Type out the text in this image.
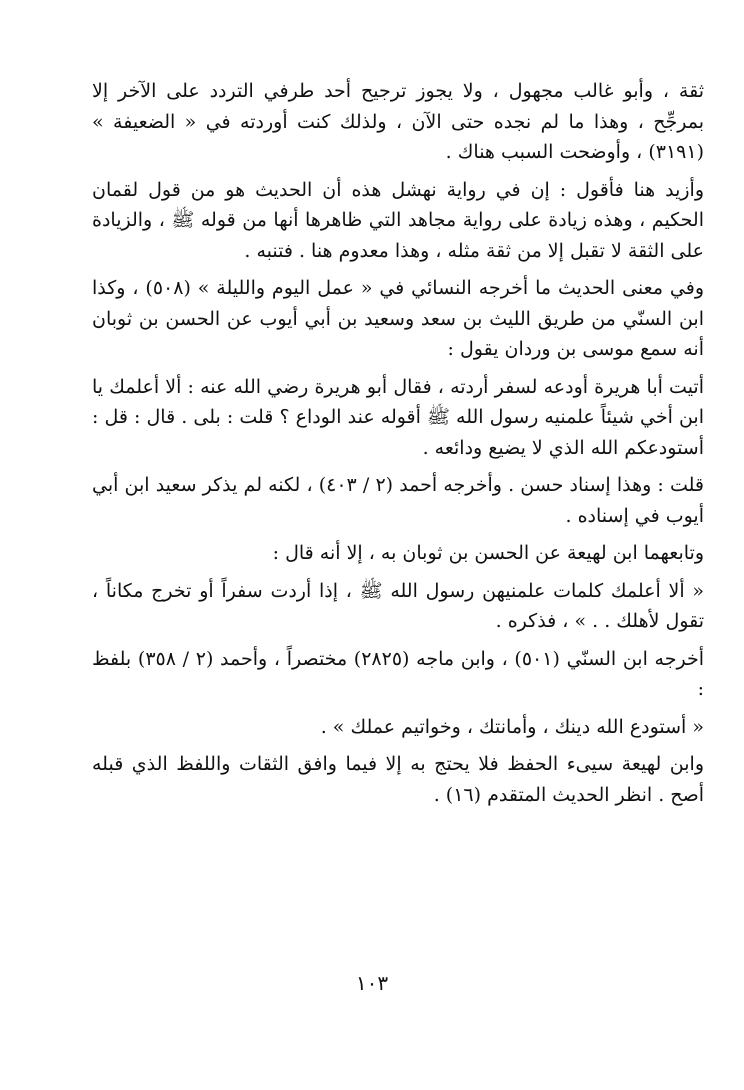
ثقة ، وأبو غالب مجهول ، ولا يجوز ترجيح أحد طرفي التردد على الآخر إلا بمرجِّح ، وهذا ما لم نجده حتى الآن ، ولذلك كنت أوردته في « الضعيفة » (٣١٩١) ، وأوضحت السبب هناك .

وأزيد هنا فأقول : إن في رواية نهشل هذه أن الحديث هو من قول لقمان الحكيم ، وهذه زيادة على رواية مجاهد التي ظاهرها أنها من قوله ﷺ ، والزيادة على الثقة لا تقبل إلا من ثقة مثله ، وهذا معدوم هنا . فتنبه .

وفي معنى الحديث ما أخرجه النسائي في « عمل اليوم والليلة » (٥٠٨) ، وكذا ابن السنّي من طريق الليث بن سعد وسعيد بن أبي أيوب عن الحسن بن ثوبان أنه سمع موسى بن وردان يقول :

أتيت أبا هريرة أودعه لسفر أردته ، فقال أبو هريرة رضي الله عنه : ألا أعلمك يا ابن أخي شيئاً علمنيه رسول الله ﷺ أقوله عند الوداع ؟ قلت : بلى . قال : قل : أستودعكم الله الذي لا يضيع ودائعه .

قلت : وهذا إسناد حسن . وأخرجه أحمد (٢ / ٤٠٣) ، لكنه لم يذكر سعيد ابن أبي أيوب في إسناده .

وتابعهما ابن لهيعة عن الحسن بن ثوبان به ، إلا أنه قال :

« ألا أعلمك كلمات علمنيهن رسول الله ﷺ ، إذا أردت سفراً أو تخرج مكاناً ، تقول لأهلك . . » ، فذكره .

أخرجه ابن السنّي (٥٠١) ، وابن ماجه (٢٨٢٥) مختصراً ، وأحمد (٢ / ٣٥٨) بلفظ :

« أستودع الله دينك ، وأمانتك ، وخواتيم عملك » .

وابن لهيعة سيىء الحفظ فلا يحتج به إلا فيما وافق الثقات واللفظ الذي قبله أصح . انظر الحديث المتقدم (١٦) .

١٠٣
